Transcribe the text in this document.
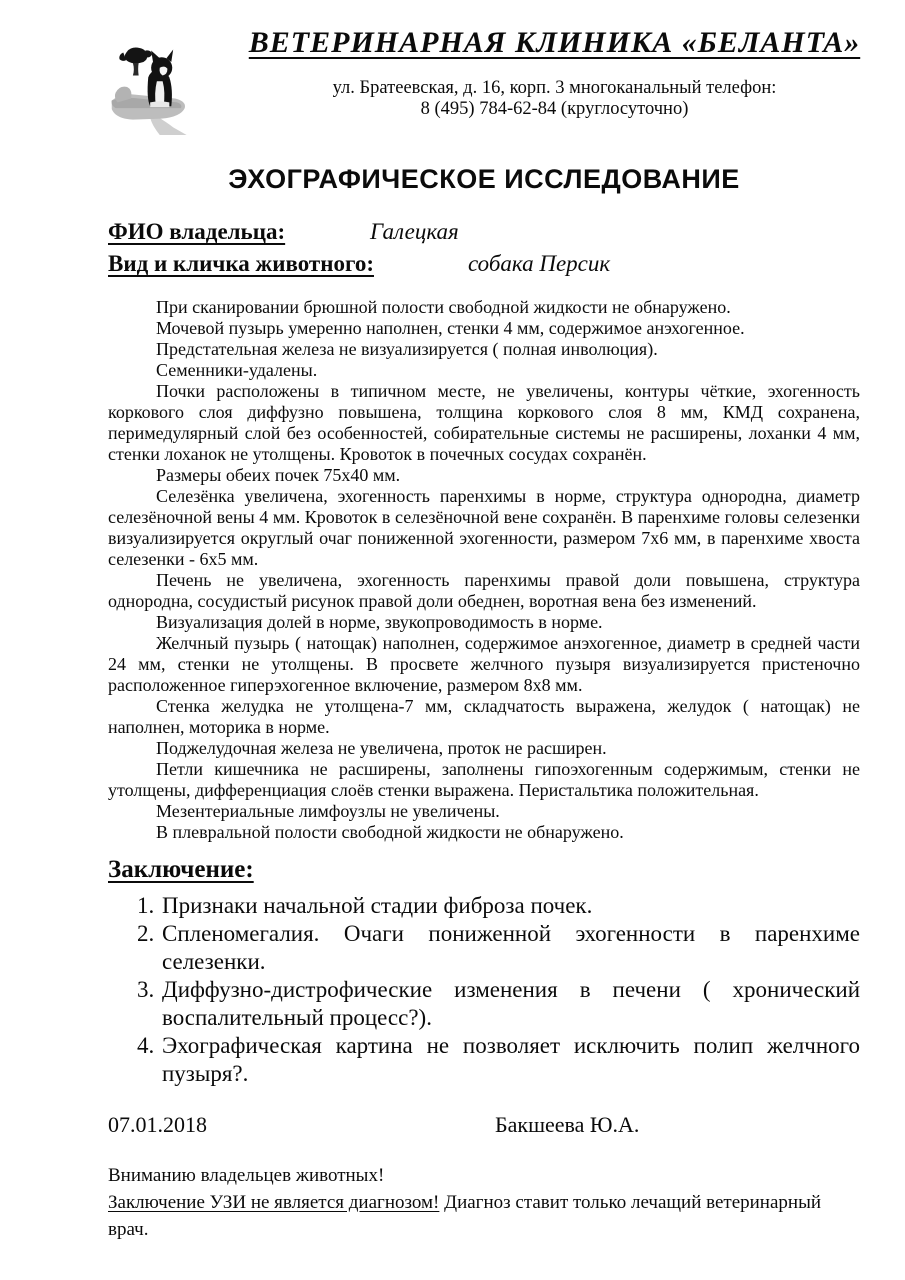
ВЕТЕРИНАРНАЯ КЛИНИКА «БЕЛАНТА»
ул. Братеевская, д. 16, корп. 3 многоканальный телефон:
8 (495) 784-62-84 (круглосуточно)
ЭХОГРАФИЧЕСКОЕ ИССЛЕДОВАНИЕ
ФИО владельца:	Галецкая
Вид и кличка животного:	собака Персик

При сканировании брюшной полости свободной жидкости не обнаружено.

Мочевой пузырь умеренно наполнен, стенки 4 мм, содержимое анэхогенное.

Предстательная железа не визуализируется ( полная инволюция).

Семенники-удалены.

Почки расположены в типичном месте, не увеличены, контуры чёткие, эхогенность коркового слоя диффузно повышена, толщина коркового слоя 8 мм, КМД сохранена, перимедулярный слой без особенностей, собирательные системы не расширены, лоханки 4 мм, стенки лоханок не утолщены. Кровоток в почечных сосудах сохранён.

Размеры обеих почек 75х40 мм.

Селезёнка увеличена, эхогенность паренхимы в норме, структура однородна, диаметр селезёночной вены 4 мм. Кровоток в селезёночной вене сохранён. В паренхиме головы селезенки визуализируется округлый очаг пониженной эхогенности, размером 7х6 мм, в паренхиме хвоста селезенки - 6х5 мм.

Печень не увеличена, эхогенность паренхимы правой доли повышена, структура однородна, сосудистый рисунок правой доли обеднен, воротная вена без изменений.

Визуализация долей в норме, звукопроводимость в норме.

Желчный пузырь ( натощак) наполнен, содержимое анэхогенное, диаметр в средней части 24 мм, стенки не утолщены. В просвете желчного пузыря визуализируется пристеночно расположенное гиперэхогенное включение, размером 8х8 мм.

Стенка желудка не утолщена-7 мм, складчатость выражена, желудок ( натощак) не наполнен, моторика в норме.

Поджелудочная железа не увеличена, проток не расширен.

Петли кишечника не расширены, заполнены гипоэхогенным содержимым, стенки не утолщены, дифференциация слоёв стенки выражена. Перистальтика положительная.

Мезентериальные лимфоузлы не увеличены.

В плевральной полости свободной жидкости не обнаружено.

Заключение:
1. Признаки начальной стадии фиброза почек.
2. Спленомегалия. Очаги пониженной эхогенности в паренхиме селезенки.
3. Диффузно-дистрофические изменения в печени ( хронический воспалительный процесс?).
4. Эхографическая картина не позволяет исключить полип желчного пузыря?.
07.01.2018	Бакшеева Ю.А.
Вниманию владельцев животных!
Заключение УЗИ не является диагнозом! Диагноз ставит только лечащий ветеринарный врач.
